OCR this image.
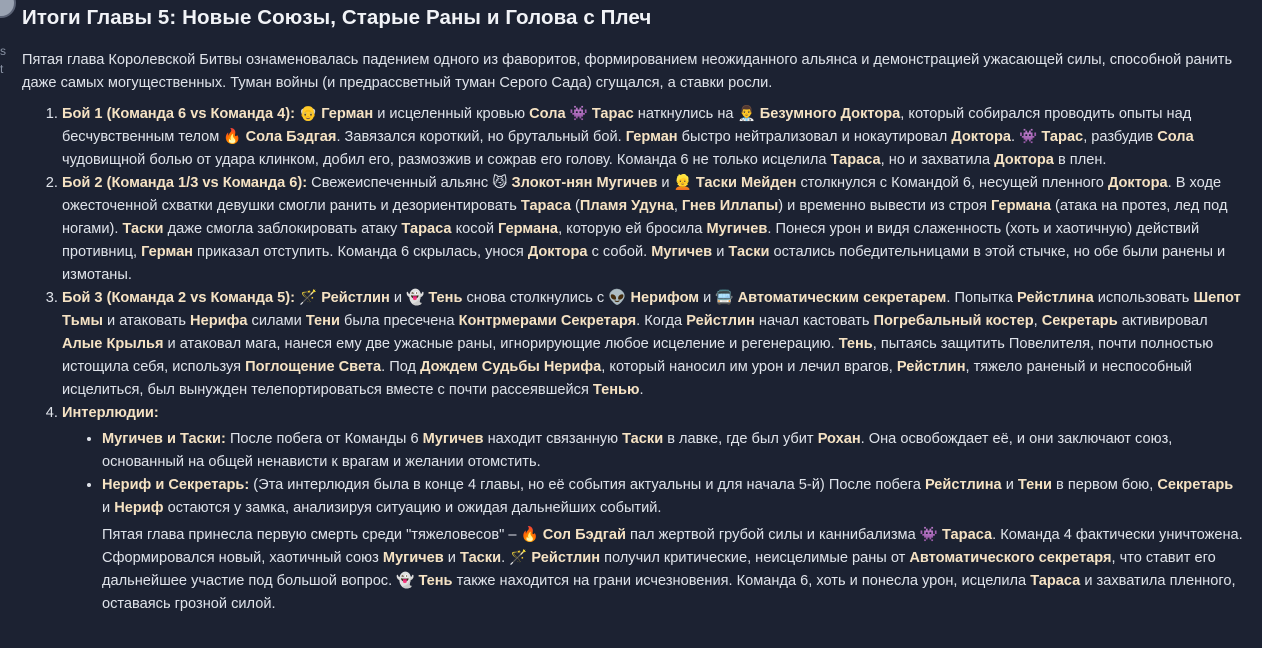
s
t
Итоги Главы 5: Новые Союзы, Старые Раны и Голова с Плеч

Пятая глава Королевской Битвы ознаменовалась падением одного из фаворитов, формированием неожиданного альянса и демонстрацией ужасающей силы, способной ранить даже самых могущественных. Туман войны (и предрассветный туман Серого Сада) сгущался, а ставки росли.

1. Бой 1 (Команда 6 vs Команда 4): 👴 Герман и исцеленный кровью Сола 👾 Тарас наткнулись на 👨‍⚕️ Безумного Доктора, который собирался проводить опыты над бесчувственным телом 🔥 Сола Бэдгая. Завязался короткий, но брутальный бой. Герман быстро нейтрализовал и нокаутировал Доктора. 👾 Тарас, разбудив Сола чудовищной болью от удара клинком, добил его, размозжив и сожрав его голову. Команда 6 не только исцелила Тараса, но и захватила Доктора в плен.
2. Бой 2 (Команда 1/3 vs Команда 6): Свежеиспеченный альянс 😼 Злокот-нян Мугичев и 👱 Таски Мейден столкнулся с Командой 6, несущей пленного Доктора. В ходе ожесточенной схватки девушки смогли ранить и дезориентировать Тараса (Пламя Удуна, Гнев Иллапы) и временно вывести из строя Германа (атака на протез, лед под ногами). Таски даже смогла заблокировать атаку Тараса косой Германа, которую ей бросила Мугичев. Понеся урон и видя слаженность (хоть и хаотичную) действий противниц, Герман приказал отступить. Команда 6 скрылась, унося Доктора с собой. Мугичев и Таски остались победительницами в этой стычке, но обе были ранены и измотаны.
3. Бой 3 (Команда 2 vs Команда 5): 🪄 Рейстлин и 👻 Тень снова столкнулись с 👽 Нерифом и 🚍 Автоматическим секретарем. Попытка Рейстлина использовать Шепот Тьмы и атаковать Нерифа силами Тени была пресечена Контрмерами Секретаря. Когда Рейстлин начал кастовать Погребальный костер, Секретарь активировал Алые Крылья и атаковал мага, нанеся ему две ужасные раны, игнорирующие любое исцеление и регенерацию. Тень, пытаясь защитить Повелителя, почти полностью истощила себя, используя Поглощение Света. Под Дождем Судьбы Нерифа, который наносил им урон и лечил врагов, Рейстлин, тяжело раненый и неспособный исцелиться, был вынужден телепортироваться вместе с почти рассеявшейся Тенью.
4. Интерлюдии:
• Мугичев и Таски: После побега от Команды 6 Мугичев находит связанную Таски в лавке, где был убит Рохан. Она освобождает её, и они заключают союз, основанный на общей ненависти к врагам и желании отомстить.
• Нериф и Секретарь: (Эта интерлюдия была в конце 4 главы, но её события актуальны и для начала 5-й) После побега Рейстлина и Тени в первом бою, Секретарь и Нериф остаются у замка, анализируя ситуацию и ожидая дальнейших событий.

Пятая глава принесла первую смерть среди "тяжеловесов" – 🔥 Сол Бэдгай пал жертвой грубой силы и каннибализма 👾 Тараса. Команда 4 фактически уничтожена. Сформировался новый, хаотичный союз Мугичев и Таски. 🪄 Рейстлин получил критические, неисцелимые раны от Автоматического секретаря, что ставит его дальнейшее участие под большой вопрос. 👻 Тень также находится на грани исчезновения. Команда 6, хоть и понесла урон, исцелила Тараса и захватила пленного, оставаясь грозной силой.
